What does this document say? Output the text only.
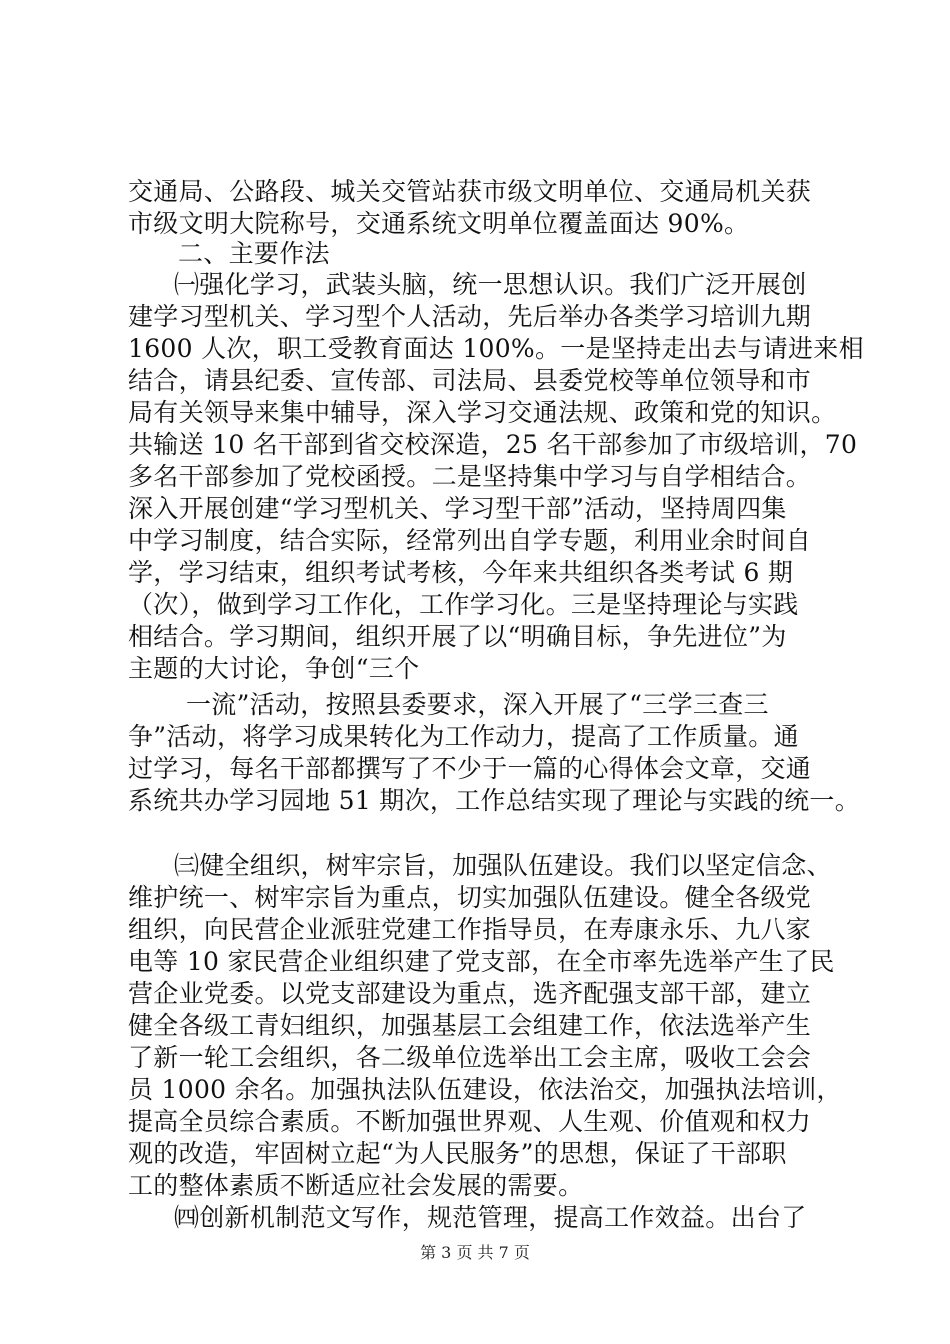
交通局、公路段、城关交管站获市级文明单位、交通局机关获
市级文明大院称号，交通系统文明单位覆盖面达 90%。
二、主要作法
㈠强化学习，武装头脑，统一思想认识。我们广泛开展创
建学习型机关、学习型个人活动，先后举办各类学习培训九期
1600 人次，职工受教育面达 100%。一是坚持走出去与请进来相
结合，请县纪委、宣传部、司法局、县委党校等单位领导和市
局有关领导来集中辅导，深入学习交通法规、政策和党的知识。
共输送 10 名干部到省交校深造，25 名干部参加了市级培训，70
多名干部参加了党校函授。二是坚持集中学习与自学相结合。
深入开展创建“学习型机关、学习型干部”活动，坚持周四集
中学习制度，结合实际，经常列出自学专题，利用业余时间自
学，学习结束，组织考试考核，今年来共组织各类考试 6 期
（次），做到学习工作化，工作学习化。三是坚持理论与实践
相结合。学习期间，组织开展了以“明确目标，争先进位”为
主题的大讨论，争创“三个
一流”活动，按照县委要求，深入开展了“三学三查三
争”活动，将学习成果转化为工作动力，提高了工作质量。通
过学习，每名干部都撰写了不少于一篇的心得体会文章，交通
系统共办学习园地 51 期次，工作总结实现了理论与实践的统一。
㈢健全组织，树牢宗旨，加强队伍建设。我们以坚定信念、
维护统一、树牢宗旨为重点，切实加强队伍建设。健全各级党
组织，向民营企业派驻党建工作指导员，在寿康永乐、九八家
电等 10 家民营企业组织建了党支部，在全市率先选举产生了民
营企业党委。以党支部建设为重点，选齐配强支部干部，建立
健全各级工青妇组织，加强基层工会组建工作，依法选举产生
了新一轮工会组织，各二级单位选举出工会主席，吸收工会会
员 1000 余名。加强执法队伍建设，依法治交，加强执法培训，
提高全员综合素质。不断加强世界观、人生观、价值观和权力
观的改造，牢固树立起“为人民服务”的思想，保证了干部职
工的整体素质不断适应社会发展的需要。
㈣创新机制范文写作，规范管理，提高工作效益。出台了
第 3 页 共 7 页
